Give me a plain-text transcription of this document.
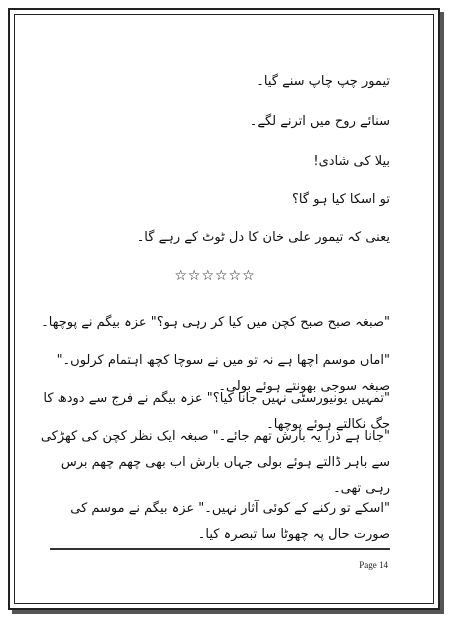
تیمور چپ چاپ سنے گیا۔
سنائے روح میں اترنے لگے۔
بیلا کی شادی!
تو اسکا کیا ہو گا؟
یعنی کہ تیمور علی خان کا دل ٹوٹ کے رہے گا۔
☆☆☆☆☆☆
"صبغہ صبح صبح کچن میں کیا کر رہی ہو؟" عزہ بیگم نے پوچھا۔
"اماں موسم اچھا ہے نہ تو میں نے سوچا کچھ اہتمام کرلوں۔" صبغہ سوجی بھونتے ہوئے بولی۔
"تمہیں یونیورسٹی نہیں جانا کیا؟" عزہ بیگم نے فرج سے دودھ کا جگ نکالتے ہوئے پوچھا۔
"جانا ہے ذرا یہ بارش تھم جائے۔" صبغہ ایک نظر کچن کی کھڑکی سے باہر ڈالتے ہوئے بولی جہاں بارش اب بھی چھم چھم برس رہی تھی۔
"اسکے تو رکنے کے کوئی آثار نہیں۔" عزہ بیگم نے موسم کی صورت حال پہ چھوٹا سا تبصرہ کیا۔
Page 14
